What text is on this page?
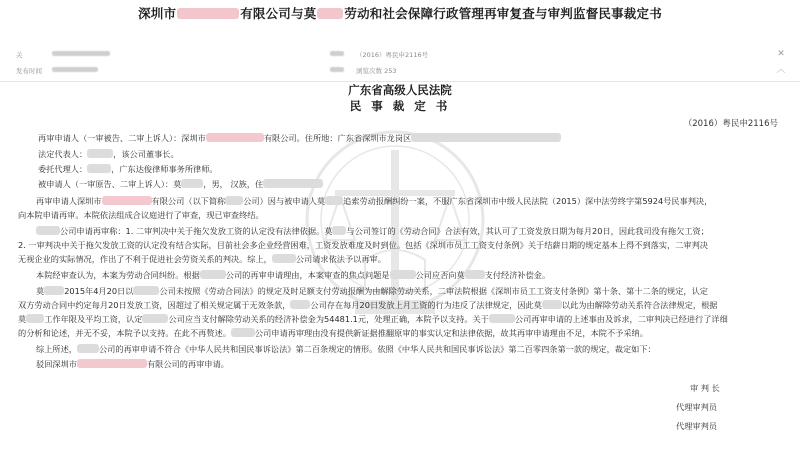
深圳市	有限公司与莫 劳动和社会保障行政管理再审复查与审判监督民事裁定书
关	（2016）粤民申2116号	✕
发布时间	浏览次数 253	︿
广东省高级人民法院
民 事 裁 定 书
（2016）粤民申2116号
再审申请人（一审被告、二审上诉人）：深圳市	有限公司。住所地：广东省深圳市龙岗区
法定代表人：	，该公司董事长。
委托代理人：	，广东达俊律师事务所律师。
被申请人（一审原告、二审上诉人）：莫	，男， 汉族，住
再审申请人深圳市	有限公司（以下简称 公司）因与被申请人莫 追索劳动报酬纠纷一案，不服广东省深圳市中级人民法院（2015）深中法劳终字第5924号民事判决，
向本院申请再审。本院依法组成合议庭进行了审查，现已审查终结。
公司申请再审称：1. 二审判决中关于拖欠发放工资的认定没有法律依据。莫 与公司签订的《劳动合同》合法有效，其认可了工资发放日期为每月20日，因此我司没有拖欠工资；
2. 一审判决中关于拖欠发放工资的认定没有结合实际，目前社会多企业经营困难，工资发放难度及时到位。包括《深圳市员工工资支付条例》关于结薪日期的规定基本上得不到落实，二审判决
无视企业的实际情况，作出了不利于促进社会劳资关系的判决。综上，	公司请求依法予以再审。
本院经审查认为，本案为劳动合同纠纷。根据	公司的再审申请理由，本案审查的焦点问题是	公司应否向莫 支付经济补偿金。
莫 2015年4月20日以	公司未按照《劳动合同法》的规定及时足额支付劳动报酬为由解除劳动关系，二审法院根据《深圳市员工工资支付条例》第十条、第十二条的规定，认定
双方劳动合同中约定每月20日发放工资，因超过了相关规定属于无效条款， 公司存在每月20日发放上月工资的行为违反了法律规定，因此莫 以此为由解除劳动关系符合法律规定，根据
莫 工作年限及平均工资，认定	公司应当支付解除劳动关系的经济补偿金为54481.1元，处理正确，本院予以支持。关于	公司再审申请的上述事由及诉求，二审判决已经进行了详细
的分析和论述，并无不妥，本院予以支持。在此不再赘述。	公司申请再审理由没有提供新证据推翻原审的事实认定和法律依据，故其再审申请理由不足，本院不予采纳。
综上所述，	公司的再审申请不符合《中华人民共和国民事诉讼法》第二百条规定的情形。依照《中华人民共和国民事诉讼法》第二百零四条第一款的规定，裁定如下：
驳回深圳市	有限公司的再审申请。
审 判 长
代理审判员
代理审判员
